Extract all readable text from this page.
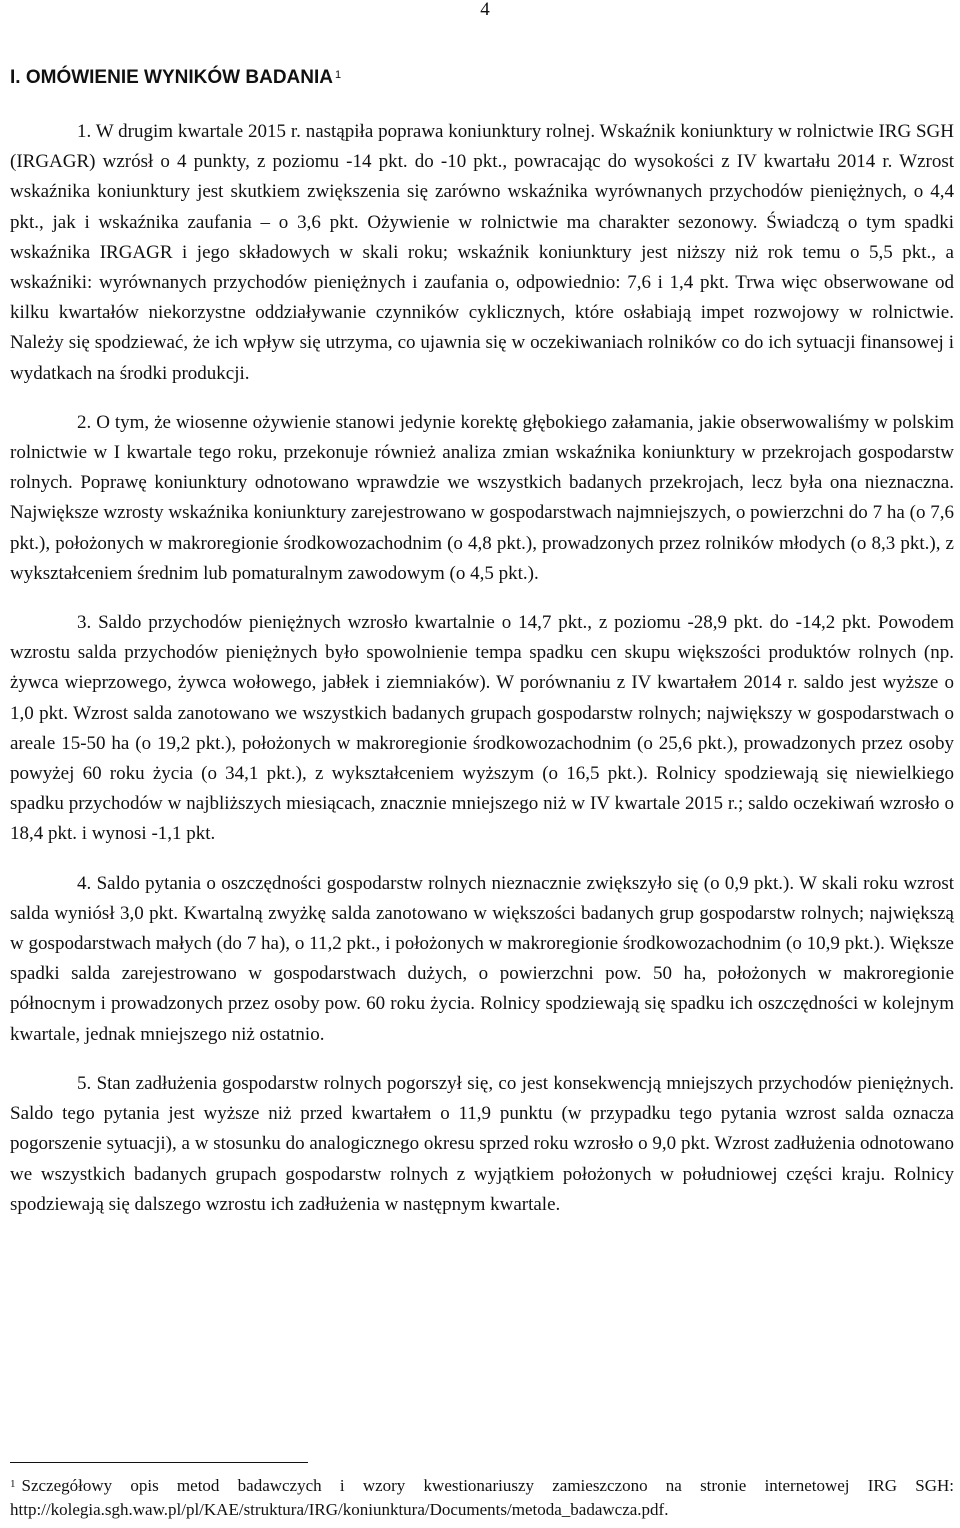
4
I. OMÓWIENIE WYNIKÓW BADANIA $^1$

1. W drugim kwartale 2015 r. nastąpiła poprawa koniunktury rolnej. Wskaźnik koniunktury w rolnictwie IRG SGH (IRGAGR) wzrósł o 4 punkty, z poziomu -14 pkt. do -10 pkt., powracając do wysokości z IV kwartału 2014 r. Wzrost wskaźnika koniunktury jest skutkiem zwiększenia się zarówno wskaźnika wyrównanych przychodów pieniężnych, o 4,4 pkt., jak i wskaźnika zaufania – o 3,6 pkt. Ożywienie w rolnictwie ma charakter sezonowy. Świadczą o tym spadki wskaźnika IRGAGR i jego składowych w skali roku; wskaźnik koniunktury jest niższy niż rok temu o 5,5 pkt., a wskaźniki: wyrównanych przychodów pieniężnych i zaufania o, odpowiednio: 7,6 i 1,4 pkt. Trwa więc obserwowane od kilku kwartałów niekorzystne oddziaływanie czynników cyklicznych, które osłabiają impet rozwojowy w rolnictwie. Należy się spodziewać, że ich wpływ się utrzyma, co ujawnia się w oczekiwaniach rolników co do ich sytuacji finansowej i wydatkach na środki produkcji.

2. O tym, że wiosenne ożywienie stanowi jedynie korektę głębokiego załamania, jakie obserwowaliśmy w polskim rolnictwie w I kwartale tego roku, przekonuje również analiza zmian wskaźnika koniunktury w przekrojach gospodarstw rolnych. Poprawę koniunktury odnotowano wprawdzie we wszystkich badanych przekrojach, lecz była ona nieznaczna. Największe wzrosty wskaźnika koniunktury zarejestrowano w gospodarstwach najmniejszych, o powierzchni do 7 ha (o 7,6 pkt.), położonych w makroregionie środkowozachodnim (o 4,8 pkt.), prowadzonych przez rolników młodych (o 8,3 pkt.), z wykształceniem średnim lub pomaturalnym zawodowym (o 4,5 pkt.).

3. Saldo przychodów pieniężnych wzrosło kwartalnie o 14,7 pkt., z poziomu -28,9 pkt. do -14,2 pkt. Powodem wzrostu salda przychodów pieniężnych było spowolnienie tempa spadku cen skupu większości produktów rolnych (np. żywca wieprzowego, żywca wołowego, jabłek i ziemniaków). W porównaniu z IV kwartałem 2014 r. saldo jest wyższe o 1,0 pkt. Wzrost salda zanotowano we wszystkich badanych grupach gospodarstw rolnych; największy w gospodarstwach o areale 15-50 ha (o 19,2 pkt.), położonych w makroregionie środkowozachodnim (o 25,6 pkt.), prowadzonych przez osoby powyżej 60 roku życia (o 34,1 pkt.), z wykształceniem wyższym (o 16,5 pkt.). Rolnicy spodziewają się niewielkiego spadku przychodów w najbliższych miesiącach, znacznie mniejszego niż w IV kwartale 2015 r.; saldo oczekiwań wzrosło o 18,4 pkt. i wynosi -1,1 pkt.

4. Saldo pytania o oszczędności gospodarstw rolnych nieznacznie zwiększyło się (o 0,9 pkt.). W skali roku wzrost salda wyniósł 3,0 pkt. Kwartalną zwyżkę salda zanotowano w większości badanych grup gospodarstw rolnych; największą w gospodarstwach małych (do 7 ha), o 11,2 pkt., i położonych w makroregionie środkowozachodnim (o 10,9 pkt.). Większe spadki salda zarejestrowano w gospodarstwach dużych, o powierzchni pow. 50 ha, położonych w makroregionie północnym i prowadzonych przez osoby pow. 60 roku życia. Rolnicy spodziewają się spadku ich oszczędności w kolejnym kwartale, jednak mniejszego niż ostatnio.

5. Stan zadłużenia gospodarstw rolnych pogorszył się, co jest konsekwencją mniejszych przychodów pieniężnych. Saldo tego pytania jest wyższe niż przed kwartałem o 11,9 punktu (w przypadku tego pytania wzrost salda oznacza pogorszenie sytuacji), a w stosunku do analogicznego okresu sprzed roku wzrosło o 9,0 pkt. Wzrost zadłużenia odnotowano we wszystkich badanych grupach gospodarstw rolnych z wyjątkiem położonych w południowej części kraju. Rolnicy spodziewają się dalszego wzrostu ich zadłużenia w następnym kwartale.

$^1$ Szczegółowy opis metod badawczych i wzory kwestionariuszy zamieszczono na stronie internetowej IRG SGH: http://kolegia.sgh.waw.pl/pl/KAE/struktura/IRG/koniunktura/Documents/metoda_badawcza.pdf.
